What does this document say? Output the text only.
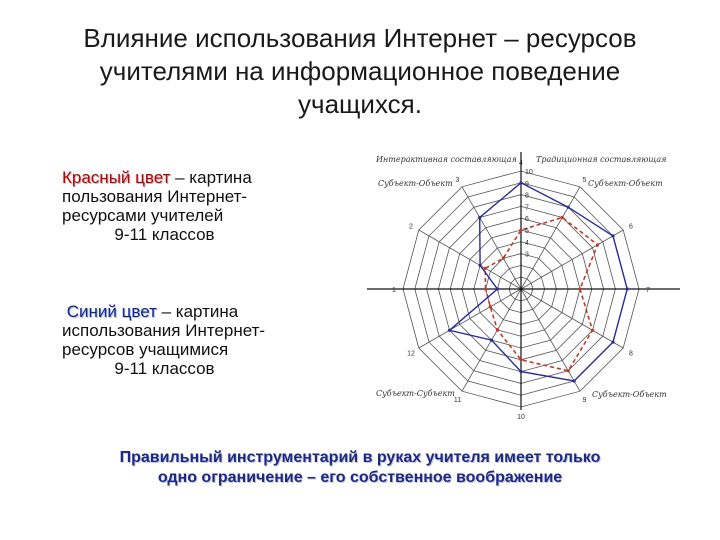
Влияние использования Интернет – ресурсов
учителями на информационное поведение
учащихся.
Красный цвет – картина
пользования Интернет-
ресурсами учителей
9-11 классов
Синий цвет – картина
использования Интернет-
ресурсов учащимися
9-11 классов
Интерактивная составляющая Традиционная составляющая
Субъект-Объект	Субъект-Объект
Субъект-Субъект	Субъект-Объект
1
2
3
4
5
6
7
8
9
10
11
12
10
9
8
7
6
5
4
3
Правильный инструментарий в руках учителя имеет только
одно ограничение – его собственное воображение
